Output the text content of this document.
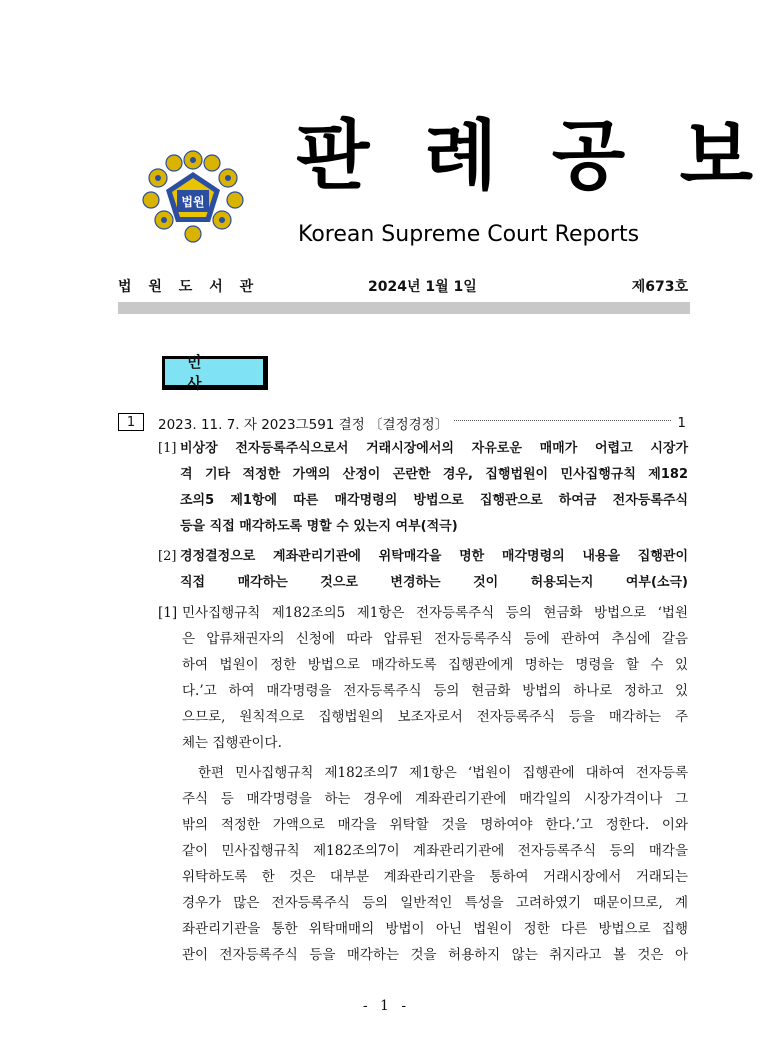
법원
판 례 공 보
Korean Supreme Court Reports
법 원 도 서 관	2024년 1월 1일	제673호
민 사
1	2023. 11. 7. 자 2023그591 결정 〔결정경정〕	1
[1] 비상장 전자등록주식으로서 거래시장에서의 자유로운 매매가 어렵고 시장가
격 기타 적정한 가액의 산정이 곤란한 경우, 집행법원이 민사집행규칙 제182
조의5 제1항에 따른 매각명령의 방법으로 집행관으로 하여금 전자등록주식
등을 직접 매각하도록 명할 수 있는지 여부(적극)
[2] 경정결정으로 계좌관리기관에 위탁매각을 명한 매각명령의 내용을 집행관이
직접 매각하는 것으로 변경하는 것이 허용되는지 여부(소극)
[1] 민사집행규칙 제182조의5 제1항은 전자등록주식 등의 현금화 방법으로 ‘법원
은 압류채권자의 신청에 따라 압류된 전자등록주식 등에 관하여 추심에 갈음
하여 법원이 정한 방법으로 매각하도록 집행관에게 명하는 명령을 할 수 있
다.’고 하여 매각명령을 전자등록주식 등의 현금화 방법의 하나로 정하고 있
으므로, 원칙적으로 집행법원의 보조자로서 전자등록주식 등을 매각하는 주
체는 집행관이다.
한편 민사집행규칙 제182조의7 제1항은 ‘법원이 집행관에 대하여 전자등록
주식 등 매각명령을 하는 경우에 계좌관리기관에 매각일의 시장가격이나 그
밖의 적정한 가액으로 매각을 위탁할 것을 명하여야 한다.’고 정한다. 이와
같이 민사집행규칙 제182조의7이 계좌관리기관에 전자등록주식 등의 매각을
위탁하도록 한 것은 대부분 계좌관리기관을 통하여 거래시장에서 거래되는
경우가 많은 전자등록주식 등의 일반적인 특성을 고려하였기 때문이므로, 계
좌관리기관을 통한 위탁매매의 방법이 아닌 법원이 정한 다른 방법으로 집행
관이 전자등록주식 등을 매각하는 것을 허용하지 않는 취지라고 볼 것은 아
- 1 -
